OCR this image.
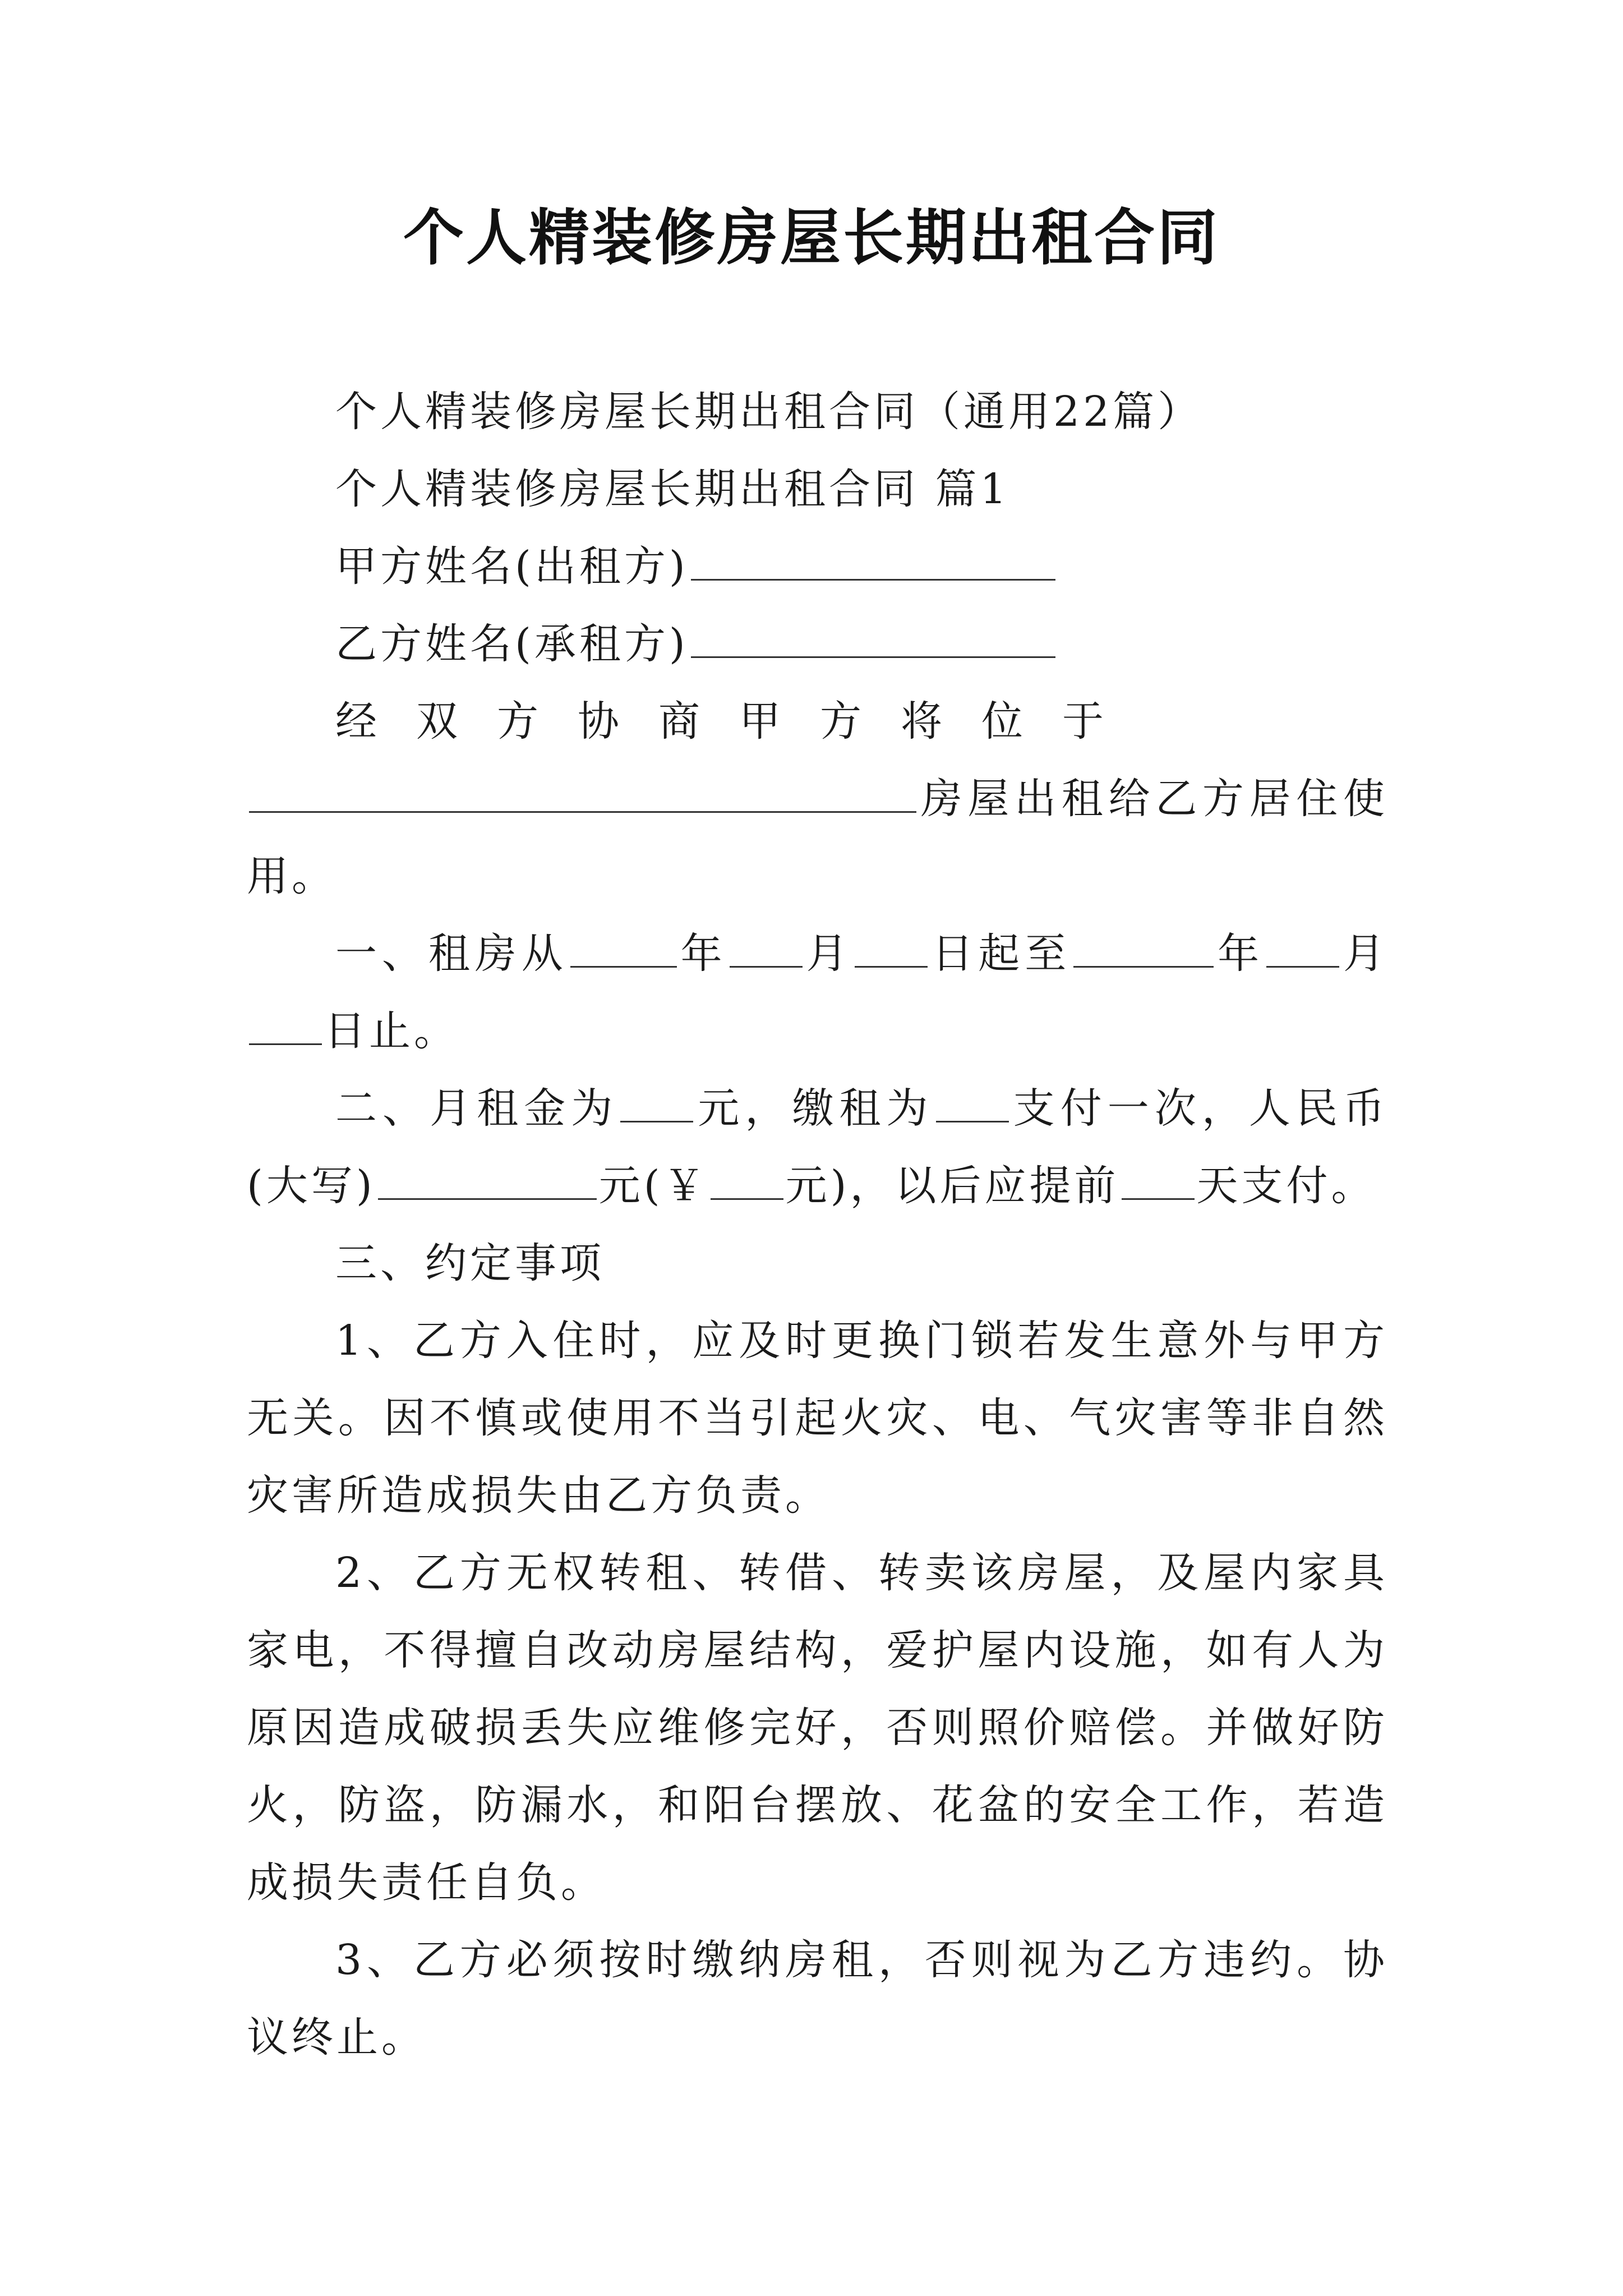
个人精装修房屋长期出租合同

个人精装修房屋长期出租合同（通用22篇）

个人精装修房屋长期出租合同 篇1

甲方姓名(出租方)

乙方姓名(承租方)

经双方协商甲方将位于

房屋出租给乙方居住使用。

一、租房从	年 月 日起至	年 月日止。

二、月租金为 元，缴租为 支付一次，人民币(大写)	元(￥ 元)，以后应提前 天支付。

三、约定事项

1、乙方入住时，应及时更换门锁若发生意外与甲方无关。因不慎或使用不当引起火灾、电、气灾害等非自然灾害所造成损失由乙方负责。

2、乙方无权转租、转借、转卖该房屋，及屋内家具家电，不得擅自改动房屋结构，爱护屋内设施，如有人为原因造成破损丢失应维修完好，否则照价赔偿。并做好防火，防盗，防漏水，和阳台摆放、花盆的安全工作，若造成损失责任自负。

3、乙方必须按时缴纳房租，否则视为乙方违约。协议终止。
